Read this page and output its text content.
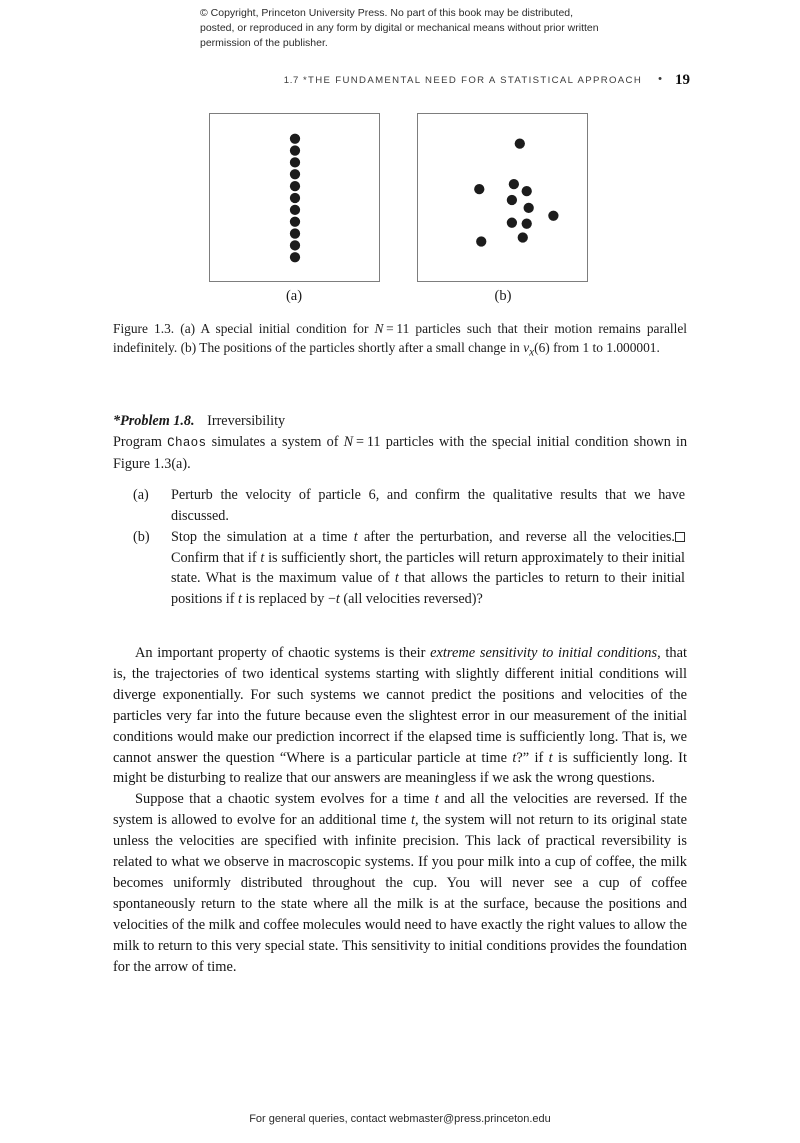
© Copyright, Princeton University Press. No part of this book may be distributed, posted, or reproduced in any form by digital or mechanical means without prior written permission of the publisher.
1.7 *THE FUNDAMENTAL NEED FOR A STATISTICAL APPROACH • 19
(a)	(b)
Figure 1.3. (a) A special initial condition for N = 11 particles such that their motion remains parallel indefinitely. (b) The positions of the particles shortly after a small change in $v_x(6)$ from 1 to 1.000001.
*Problem 1.8. Irreversibility
Program Chaos simulates a system of N = 11 particles with the special initial condition shown in Figure 1.3(a).
(a)	Perturb the velocity of particle 6, and confirm the qualitative results that we have discussed.
(b)	Stop the simulation at a time t after the perturbation, and reverse all the velocities. Confirm that if t is sufficiently short, the particles will return approximately to their initial state. What is the maximum value of t that allows the particles to return to their initial positions if t is replaced by −t (all velocities reversed)?

An important property of chaotic systems is their extreme sensitivity to initial conditions, that is, the trajectories of two identical systems starting with slightly different initial conditions will diverge exponentially. For such systems we cannot predict the positions and velocities of the particles very far into the future because even the slightest error in our measurement of the initial conditions would make our prediction incorrect if the elapsed time is sufficiently long. That is, we cannot answer the question “Where is a particular particle at time t?” if t is sufficiently long. It might be disturbing to realize that our answers are meaningless if we ask the wrong questions.

Suppose that a chaotic system evolves for a time t and all the velocities are reversed. If the system is allowed to evolve for an additional time t, the system will not return to its original state unless the velocities are specified with infinite precision. This lack of practical reversibility is related to what we observe in macroscopic systems. If you pour milk into a cup of coffee, the milk becomes uniformly distributed throughout the cup. You will never see a cup of coffee spontaneously return to the state where all the milk is at the surface, because the positions and velocities of the milk and coffee molecules would need to have exactly the right values to allow the milk to return to this very special state. This sensitivity to initial conditions provides the foundation for the arrow of time.

For general queries, contact webmaster@press.princeton.edu
